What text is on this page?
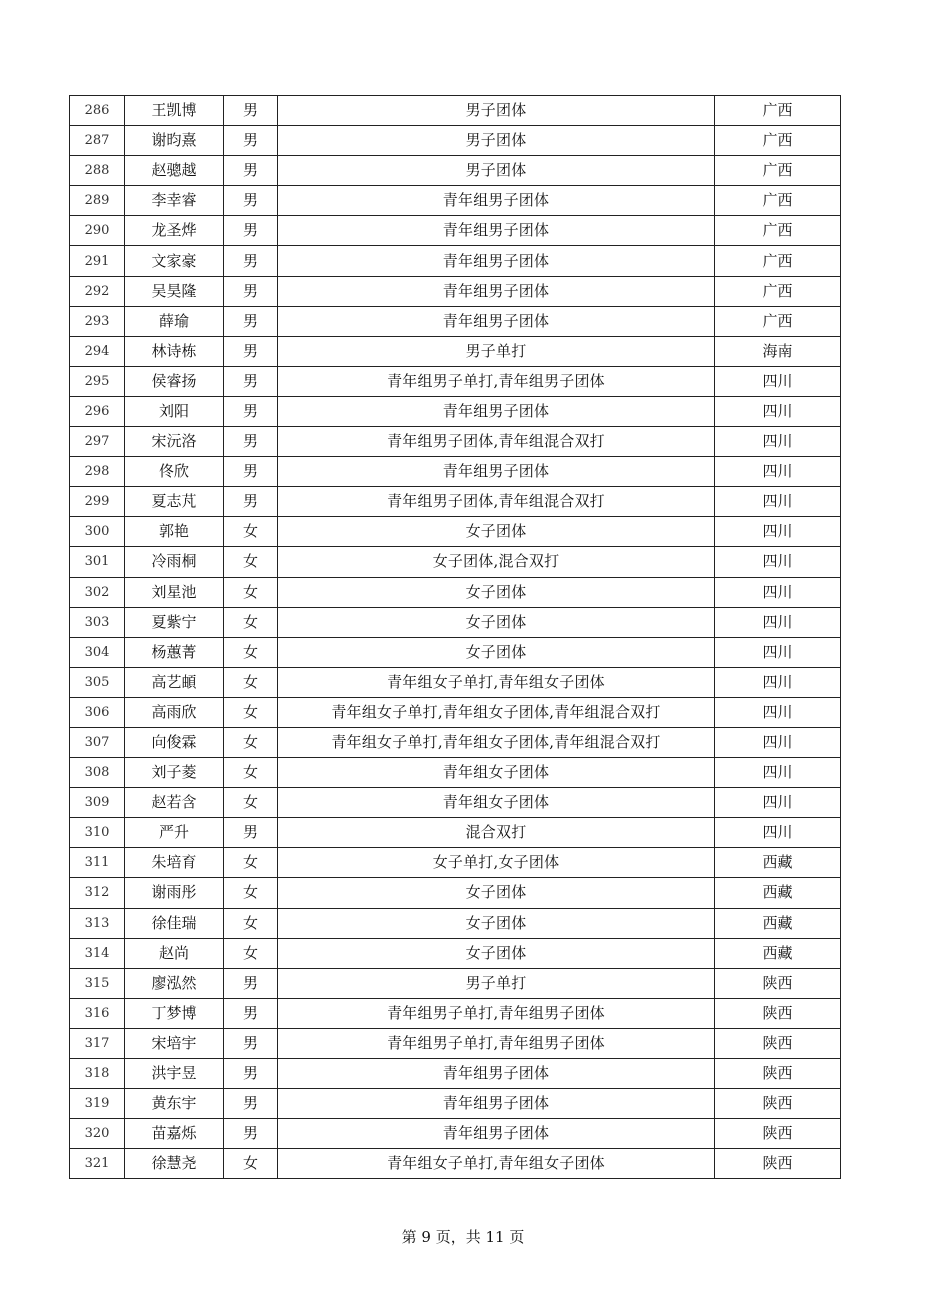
286	王凯博	男	男子团体	广西
287	谢昀熹	男	男子团体	广西
288	赵骢越	男	男子团体	广西
289	李幸睿	男	青年组男子团体	广西
290	龙圣烨	男	青年组男子团体	广西
291	文家豪	男	青年组男子团体	广西
292	吴昊隆	男	青年组男子团体	广西
293	薛瑜	男	青年组男子团体	广西
294	林诗栋	男	男子单打	海南
295	侯睿扬	男	青年组男子单打,青年组男子团体	四川
296	刘阳	男	青年组男子团体	四川
297	宋沅洛	男	青年组男子团体,青年组混合双打	四川
298	佟欣	男	青年组男子团体	四川
299	夏志芃	男	青年组男子团体,青年组混合双打	四川
300	郭艳	女	女子团体	四川
301	冷雨桐	女	女子团体,混合双打	四川
302	刘星池	女	女子团体	四川
303	夏紫宁	女	女子团体	四川
304	杨蕙菁	女	女子团体	四川
305	高艺頔	女	青年组女子单打,青年组女子团体	四川
306	高雨欣	女	青年组女子单打,青年组女子团体,青年组混合双打	四川
307	向俊霖	女	青年组女子单打,青年组女子团体,青年组混合双打	四川
308	刘子菱	女	青年组女子团体	四川
309	赵若含	女	青年组女子团体	四川
310	严升	男	混合双打	四川
311	朱培育	女	女子单打,女子团体	西藏
312	谢雨彤	女	女子团体	西藏
313	徐佳瑞	女	女子团体	西藏
314	赵尚	女	女子团体	西藏
315	廖泓然	男	男子单打	陕西
316	丁梦博	男	青年组男子单打,青年组男子团体	陕西
317	宋培宇	男	青年组男子单打,青年组男子团体	陕西
318	洪宇昱	男	青年组男子团体	陕西
319	黄东宇	男	青年组男子团体	陕西
320	苗嘉烁	男	青年组男子团体	陕西
321	徐慧尧	女	青年组女子单打,青年组女子团体	陕西
第 9 页，共 11 页
